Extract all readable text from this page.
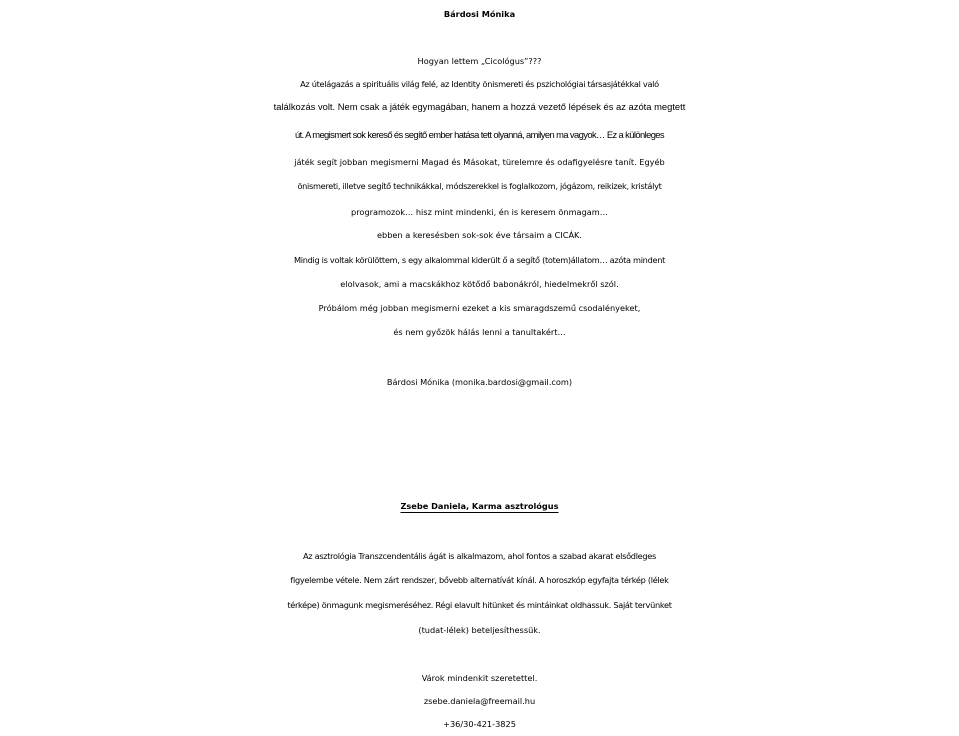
Bárdosi Mónika
Hogyan lettem „Cicológus”???
Az útelágazás a spirituális világ felé, az Identity önismereti és pszichológiai társasjátékkal való
találkozás volt. Nem csak a játék egymagában, hanem a hozzá vezető lépések és az azóta megtett
út. A megismert sok kereső és segítő ember hatása tett olyanná, amilyen ma vagyok… Ez a különleges
játék segít jobban megismerni Magad és Másokat, türelemre és odafigyelésre tanít. Egyéb
önismereti, illetve segítő technikákkal, módszerekkel is foglalkozom, jógázom, reikizek, kristályt
programozok… hisz mint mindenki, én is keresem önmagam…
ebben a keresésben sok-sok éve társaim a CICÁK.
Mindig is voltak körülöttem, s egy alkalommal kiderült ő a segítő (totem)állatom… azóta mindent
elolvasok, ami a macskákhoz kötődő babonákról, hiedelmekről szól.
Próbálom még jobban megismerni ezeket a kis smaragdszemű csodalényeket,
és nem győzök hálás lenni a tanultakért…
Bárdosi Mónika (monika.bardosi@gmail.com)
Zsebe Daniela, Karma asztrológus
Az asztrológia Transzcendentális ágát is alkalmazom, ahol fontos a szabad akarat elsődleges
figyelembe vétele. Nem zárt rendszer, bővebb alternatívát kínál. A horoszkóp egyfajta térkép (lélek
térképe) önmagunk megismeréséhez. Régi elavult hitünket és mintáinkat oldhassuk. Saját tervünket
(tudat-lélek) beteljesíthessük.
Várok mindenkit szeretettel.
zsebe.daniela@freemail.hu
+36/30-421-3825
